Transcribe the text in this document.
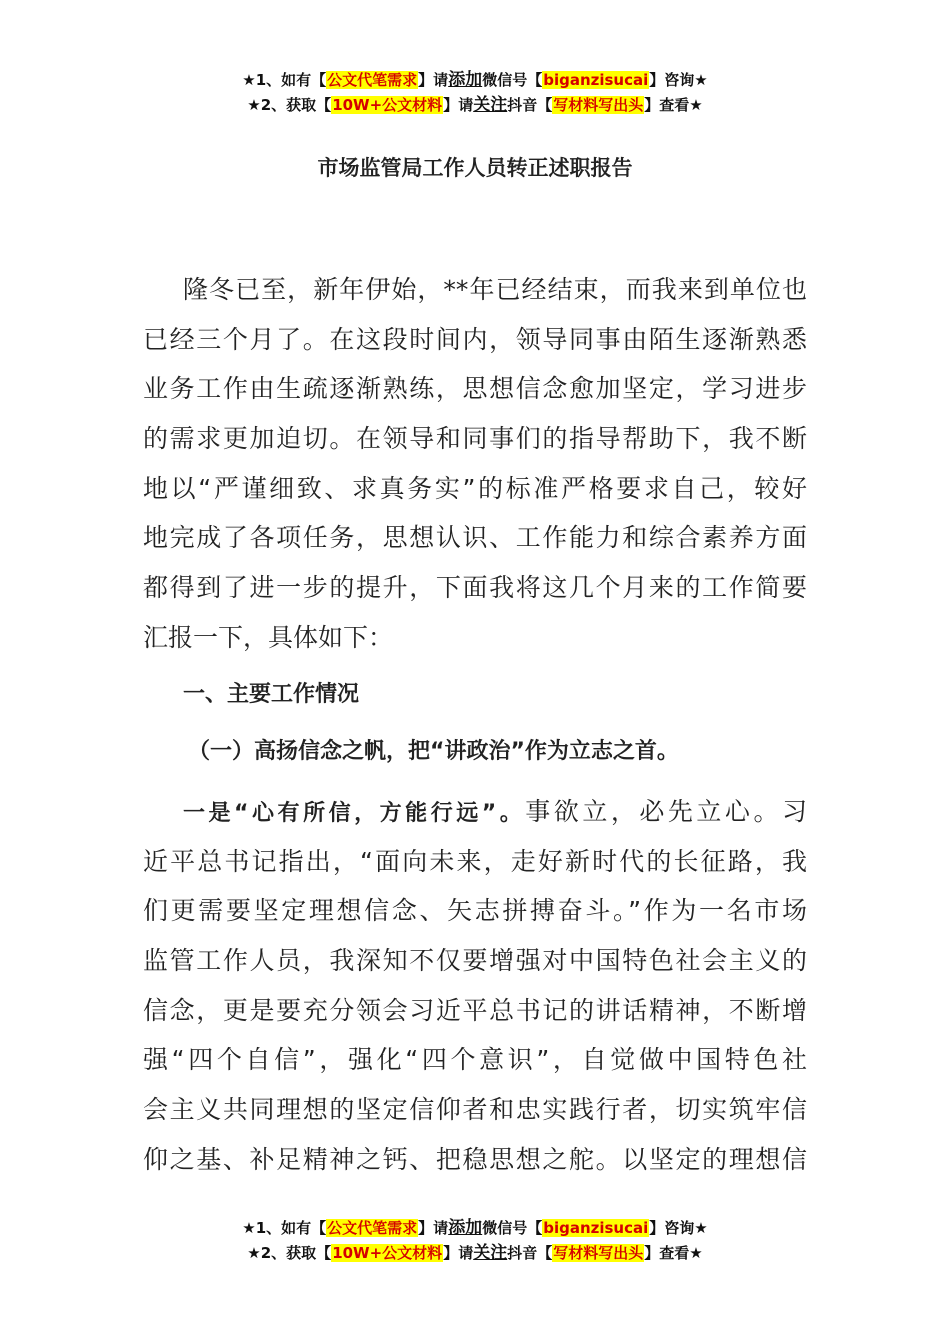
★1、如有【公文代笔需求】请添加微信号【biganzisucai】咨询★
★2、获取【10W+公文材料】请关注抖音【写材料写出头】查看★
市场监管局工作人员转正述职报告
隆冬已至，新年伊始，**年已经结束，而我来到单位也
已经三个月了。在这段时间内，领导同事由陌生逐渐熟悉
业务工作由生疏逐渐熟练，思想信念愈加坚定，学习进步
的需求更加迫切。在领导和同事们的指导帮助下，我不断
地以“严谨细致、求真务实”的标准严格要求自己，较好
地完成了各项任务，思想认识、工作能力和综合素养方面
都得到了进一步的提升，下面我将这几个月来的工作简要
汇报一下，具体如下：
一、主要工作情况
（一）高扬信念之帆，把“讲政治”作为立志之首。
一是“心有所信，方能行远”。事欲立，必先立心。习
近平总书记指出，“面向未来，走好新时代的长征路，我
们更需要坚定理想信念、矢志拼搏奋斗。”作为一名市场
监管工作人员，我深知不仅要增强对中国特色社会主义的
信念，更是要充分领会习近平总书记的讲话精神，不断增
强“四个自信”，强化“四个意识”，自觉做中国特色社
会主义共同理想的坚定信仰者和忠实践行者，切实筑牢信
仰之基、补足精神之钙、把稳思想之舵。以坚定的理想信
★1、如有【公文代笔需求】请添加微信号【biganzisucai】咨询★
★2、获取【10W+公文材料】请关注抖音【写材料写出头】查看★
